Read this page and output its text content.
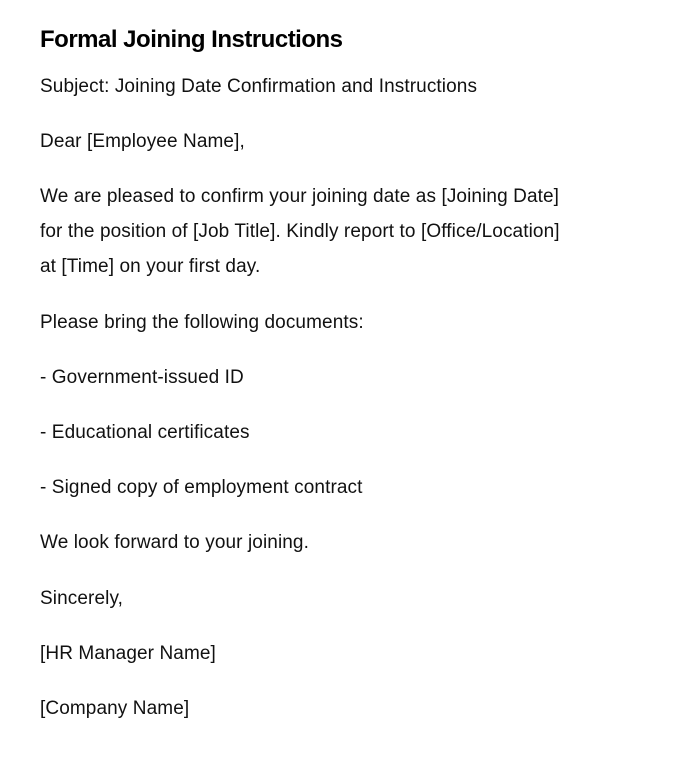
Formal Joining Instructions

Subject: Joining Date Confirmation and Instructions

Dear [Employee Name],

We are pleased to confirm your joining date as [Joining Date]
for the position of [Job Title]. Kindly report to [Office/Location]
at [Time] on your first day.

Please bring the following documents:

- Government-issued ID

- Educational certificates

- Signed copy of employment contract

We look forward to your joining.

Sincerely,

[HR Manager Name]

[Company Name]
